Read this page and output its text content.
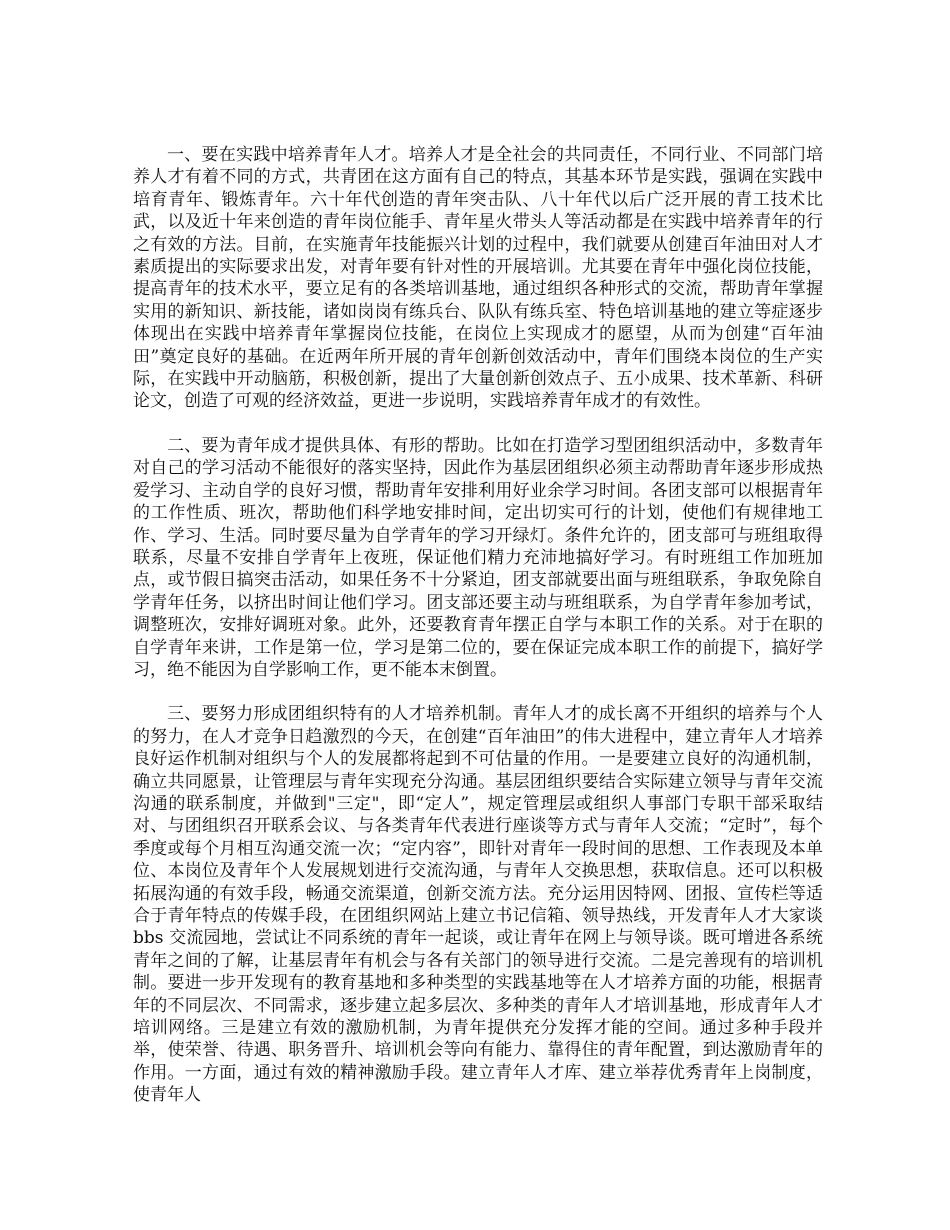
一、要在实践中培养青年人才。培养人才是全社会的共同责任，不同行业、不同部门培养人才有着不同的方式，共青团在这方面有自己的特点，其基本环节是实践，强调在实践中培育青年、锻炼青年。六十年代创造的青年突击队、八十年代以后广泛开展的青工技术比武，以及近十年来创造的青年岗位能手、青年星火带头人等活动都是在实践中培养青年的行之有效的方法。目前，在实施青年技能振兴计划的过程中，我们就要从创建百年油田对人才素质提出的实际要求出发，对青年要有针对性的开展培训。尤其要在青年中强化岗位技能，提高青年的技术水平，要立足有的各类培训基地，通过组织各种形式的交流，帮助青年掌握实用的新知识、新技能，诸如岗岗有练兵台、队队有练兵室、特色培训基地的建立等症逐步体现出在实践中培养青年掌握岗位技能，在岗位上实现成才的愿望，从而为创建“百年油田”奠定良好的基础。在近两年所开展的青年创新创效活动中，青年们围绕本岗位的生产实际，在实践中开动脑筋，积极创新，提出了大量创新创效点子、五小成果、技术革新、科研论文，创造了可观的经济效益，更进一步说明，实践培养青年成才的有效性。

二、要为青年成才提供具体、有形的帮助。比如在打造学习型团组织活动中，多数青年对自己的学习活动不能很好的落实坚持，因此作为基层团组织必须主动帮助青年逐步形成热爱学习、主动自学的良好习惯，帮助青年安排利用好业余学习时间。各团支部可以根据青年的工作性质、班次，帮助他们科学地安排时间，定出切实可行的计划，使他们有规律地工作、学习、生活。同时要尽量为自学青年的学习开绿灯。条件允许的，团支部可与班组取得联系，尽量不安排自学青年上夜班，保证他们精力充沛地搞好学习。有时班组工作加班加点，或节假日搞突击活动，如果任务不十分紧迫，团支部就要出面与班组联系，争取免除自学青年任务，以挤出时间让他们学习。团支部还要主动与班组联系，为自学青年参加考试，调整班次，安排好调班对象。此外，还要教育青年摆正自学与本职工作的关系。对于在职的自学青年来讲，工作是第一位，学习是第二位的，要在保证完成本职工作的前提下，搞好学习，绝不能因为自学影响工作，更不能本末倒置。

三、要努力形成团组织特有的人才培养机制。青年人才的成长离不开组织的培养与个人的努力，在人才竞争日趋激烈的今天，在创建“百年油田”的伟大进程中，建立青年人才培养良好运作机制对组织与个人的发展都将起到不可估量的作用。一是要建立良好的沟通机制，确立共同愿景，让管理层与青年实现充分沟通。基层团组织要结合实际建立领导与青年交流沟通的联系制度，并做到"三定"，即“定人”，规定管理层或组织人事部门专职干部采取结对、与团组织召开联系会议、与各类青年代表进行座谈等方式与青年人交流；“定时”，每个季度或每个月相互沟通交流一次；“定内容”，即针对青年一段时间的思想、工作表现及本单位、本岗位及青年个人发展规划进行交流沟通，与青年人交换思想，获取信息。还可以积极拓展沟通的有效手段，畅通交流渠道，创新交流方法。充分运用因特网、团报、宣传栏等适合于青年特点的传媒手段，在团组织网站上建立书记信箱、领导热线，开发青年人才大家谈 bbs 交流园地，尝试让不同系统的青年一起谈，或让青年在网上与领导谈。既可增进各系统青年之间的了解，让基层青年有机会与各有关部门的领导进行交流。二是完善现有的培训机制。要进一步开发现有的教育基地和多种类型的实践基地等在人才培养方面的功能，根据青年的不同层次、不同需求，逐步建立起多层次、多种类的青年人才培训基地，形成青年人才培训网络。三是建立有效的激励机制，为青年提供充分发挥才能的空间。通过多种手段并举，使荣誉、待遇、职务晋升、培训机会等向有能力、靠得住的青年配置，到达激励青年的作用。一方面，通过有效的精神激励手段。建立青年人才库、建立举荐优秀青年上岗制度，使青年人
